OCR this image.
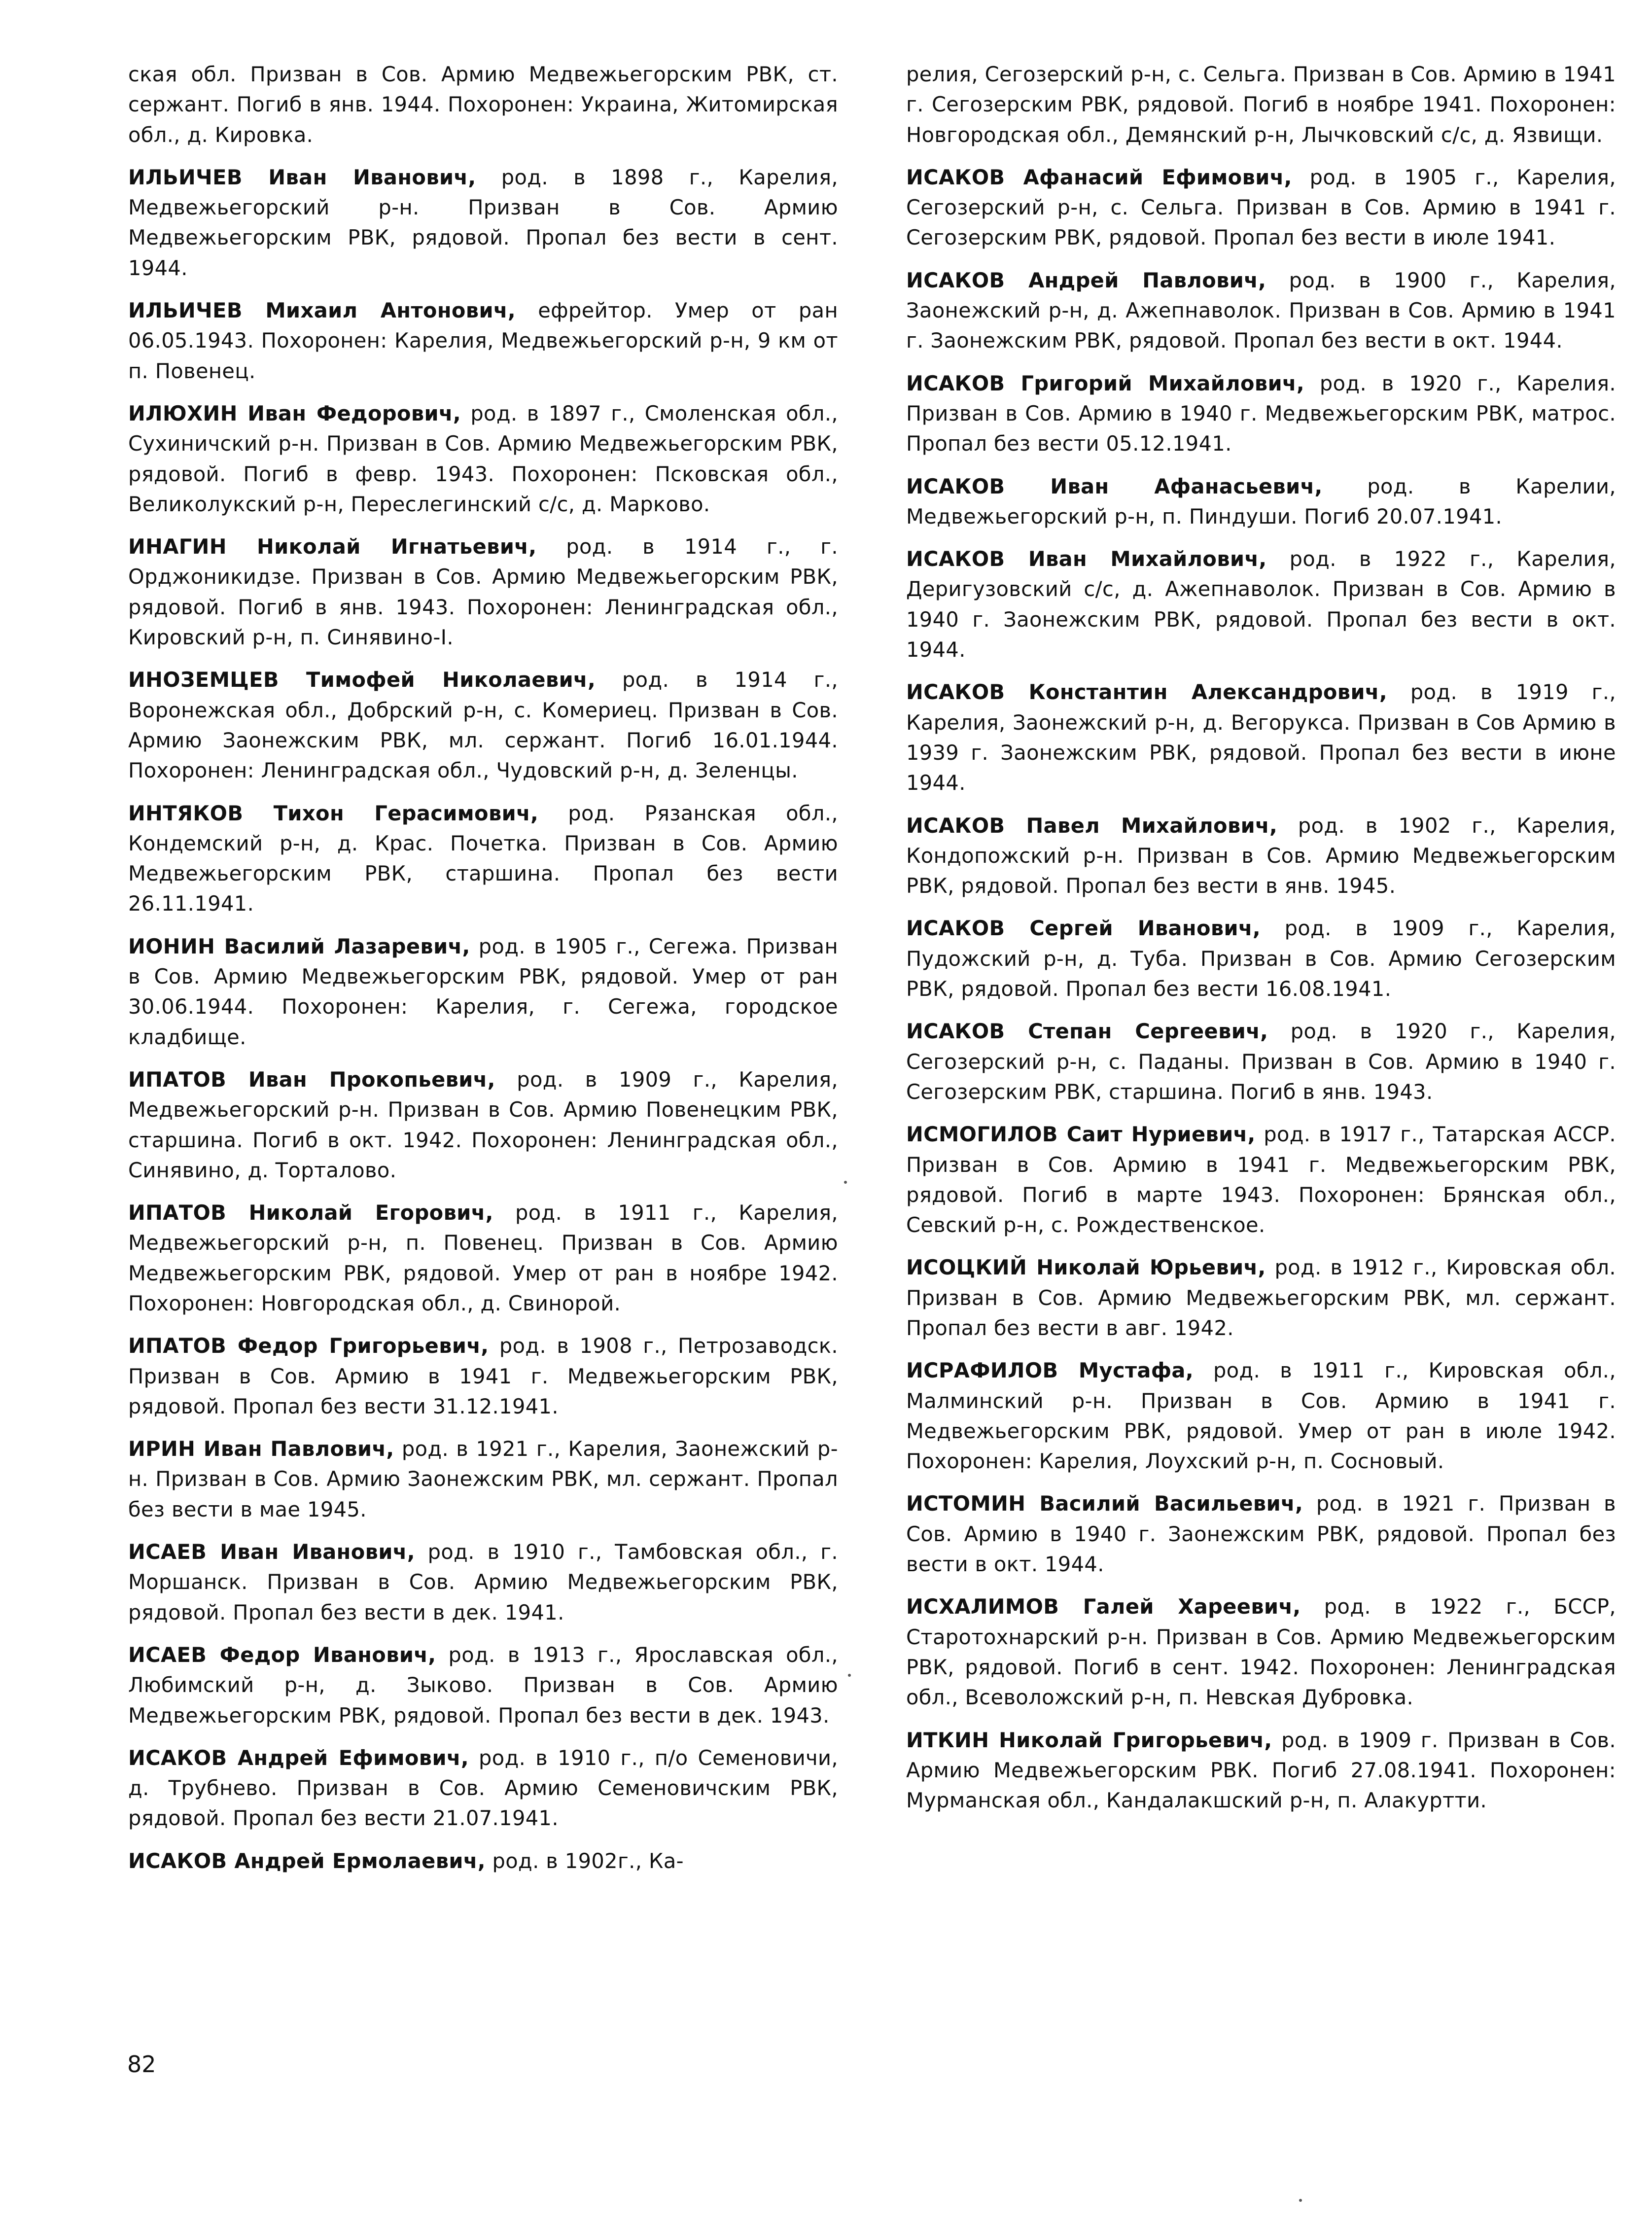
ская обл. Призван в Сов. Армию Медвежьегорским РВК, ст. сержант. Погиб в янв. 1944. Похоронен: Украина, Житомирская обл., д. Кировка.

ИЛЬИЧЕВ Иван Иванович, род. в 1898 г., Карелия, Медвежьегорский р-н. Призван в Сов. Армию Медвежьегорским РВК, рядовой. Пропал без вести в сент. 1944.

ИЛЬИЧЕВ Михаил Антонович, ефрейтор. Умер от ран 06.05.1943. Похоронен: Карелия, Медвежьегорский р-н, 9 км от п. Повенец.

ИЛЮХИН Иван Федорович, род. в 1897 г., Смоленская обл., Сухиничский р-н. Призван в Сов. Армию Медвежьегорским РВК, рядовой. Погиб в февр. 1943. Похоронен: Псковская обл., Великолукский р-н, Переслегинский с/с, д. Марково.

ИНАГИН Николай Игнатьевич, род. в 1914 г., г. Орджоникидзе. Призван в Сов. Армию Медвежьегорским РВК, рядовой. Погиб в янв. 1943. Похоронен: Ленинградская обл., Кировский р-н, п. Синявино-I.

ИНОЗЕМЦЕВ Тимофей Николаевич, род. в 1914 г., Воронежская обл., Добрский р-н, с. Комериец. Призван в Сов. Армию Заонежским РВК, мл. сержант. Погиб 16.01.1944. Похоронен: Ленинградская обл., Чудовский р-н, д. Зеленцы.

ИНТЯКОВ Тихон Герасимович, род. Рязанская обл., Кондемский р-н, д. Крас. Почетка. Призван в Сов. Армию Медвежьегорским РВК, старшина. Пропал без вести 26.11.1941.

ИОНИН Василий Лазаревич, род. в 1905 г., Сегежа. Призван в Сов. Армию Медвежьегорским РВК, рядовой. Умер от ран 30.06.1944. Похоронен: Карелия, г. Сегежа, городское кладбище.

ИПАТОВ Иван Прокопьевич, род. в 1909 г., Карелия, Медвежьегорский р-н. Призван в Сов. Армию Повенецким РВК, старшина. Погиб в окт. 1942. Похоронен: Ленинградская обл., Синявино, д. Торталово.

ИПАТОВ Николай Егорович, род. в 1911 г., Карелия, Медвежьегорский р-н, п. Повенец. Призван в Сов. Армию Медвежьегорским РВК, рядовой. Умер от ран в ноябре 1942. Похоронен: Новгородская обл., д. Свинорой.

ИПАТОВ Федор Григорьевич, род. в 1908 г., Петрозаводск. Призван в Сов. Армию в 1941 г. Медвежьегорским РВК, рядовой. Пропал без вести 31.12.1941.

ИРИН Иван Павлович, род. в 1921 г., Карелия, Заонежский р-н. Призван в Сов. Армию Заонежским РВК, мл. сержант. Пропал без вести в мае 1945.

ИСАЕВ Иван Иванович, род. в 1910 г., Тамбовская обл., г. Моршанск. Призван в Сов. Армию Медвежьегорским РВК, рядовой. Пропал без вести в дек. 1941.

ИСАЕВ Федор Иванович, род. в 1913 г., Ярославская обл., Любимский р-н, д. Зыково. Призван в Сов. Армию Медвежьегорским РВК, рядовой. Пропал без вести в дек. 1943.

ИСАКОВ Андрей Ефимович, род. в 1910 г., п/о Семеновичи, д. Трубнево. Призван в Сов. Армию Семеновичским РВК, рядовой. Пропал без вести 21.07.1941.

ИСАКОВ Андрей Ермолаевич, род. в 1902г., Ка-

релия, Сегозерский р-н, с. Сельга. Призван в Сов. Армию в 1941 г. Сегозерским РВК, рядовой. Погиб в ноябре 1941. Похоронен: Новгородская обл., Демянский р-н, Лычковский с/с, д. Язвищи.

ИСАКОВ Афанасий Ефимович, род. в 1905 г., Карелия, Сегозерский р-н, с. Сельга. Призван в Сов. Армию в 1941 г. Сегозерским РВК, рядовой. Пропал без вести в июле 1941.

ИСАКОВ Андрей Павлович, род. в 1900 г., Карелия, Заонежский р-н, д. Ажепнаволок. Призван в Сов. Армию в 1941 г. Заонежским РВК, рядовой. Пропал без вести в окт. 1944.

ИСАКОВ Григорий Михайлович, род. в 1920 г., Карелия. Призван в Сов. Армию в 1940 г. Медвежьегорским РВК, матрос. Пропал без вести 05.12.1941.

ИСАКОВ Иван Афанасьевич, род. в Карелии, Медвежьегорский р-н, п. Пиндуши. Погиб 20.07.1941.

ИСАКОВ Иван Михайлович, род. в 1922 г., Карелия, Деригузовский с/с, д. Ажепнаволок. Призван в Сов. Армию в 1940 г. Заонежским РВК, рядовой. Пропал без вести в окт. 1944.

ИСАКОВ Константин Александрович, род. в 1919 г., Карелия, Заонежский р-н, д. Вегорукса. Призван в Сов Армию в 1939 г. Заонежским РВК, рядовой. Пропал без вести в июне 1944.

ИСАКОВ Павел Михайлович, род. в 1902 г., Карелия, Кондопожский р-н. Призван в Сов. Армию Медвежьегорским РВК, рядовой. Пропал без вести в янв. 1945.

ИСАКОВ Сергей Иванович, род. в 1909 г., Карелия, Пудожский р-н, д. Туба. Призван в Сов. Армию Сегозерским РВК, рядовой. Пропал без вести 16.08.1941.

ИСАКОВ Степан Сергеевич, род. в 1920 г., Карелия, Сегозерский р-н, с. Паданы. Призван в Сов. Армию в 1940 г. Сегозерским РВК, старшина. Погиб в янв. 1943.

ИСМОГИЛОВ Саит Нуриевич, род. в 1917 г., Татарская АССР. Призван в Сов. Армию в 1941 г. Медвежьегорским РВК, рядовой. Погиб в марте 1943. Похоронен: Брянская обл., Севский р-н, с. Рождественское.

ИСОЦКИЙ Николай Юрьевич, род. в 1912 г., Кировская обл. Призван в Сов. Армию Медвежьегорским РВК, мл. сержант. Пропал без вести в авг. 1942.

ИСРАФИЛОВ Мустафа, род. в 1911 г., Кировская обл., Малминский р-н. Призван в Сов. Армию в 1941 г. Медвежьегорским РВК, рядовой. Умер от ран в июле 1942. Похоронен: Карелия, Лоухский р-н, п. Сосновый.

ИСТОМИН Василий Васильевич, род. в 1921 г. Призван в Сов. Армию в 1940 г. Заонежским РВК, рядовой. Пропал без вести в окт. 1944.

ИСХАЛИМОВ Галей Хареевич, род. в 1922 г., БССР, Старотохнарский р-н. Призван в Сов. Армию Медвежьегорским РВК, рядовой. Погиб в сент. 1942. Похоронен: Ленинградская обл., Всеволожский р-н, п. Невская Дубровка.

ИТКИН Николай Григорьевич, род. в 1909 г. Призван в Сов. Армию Медвежьегорским РВК. Погиб 27.08.1941. Похоронен: Мурманская обл., Кандалакшский р-н, п. Алакуртти.

82
